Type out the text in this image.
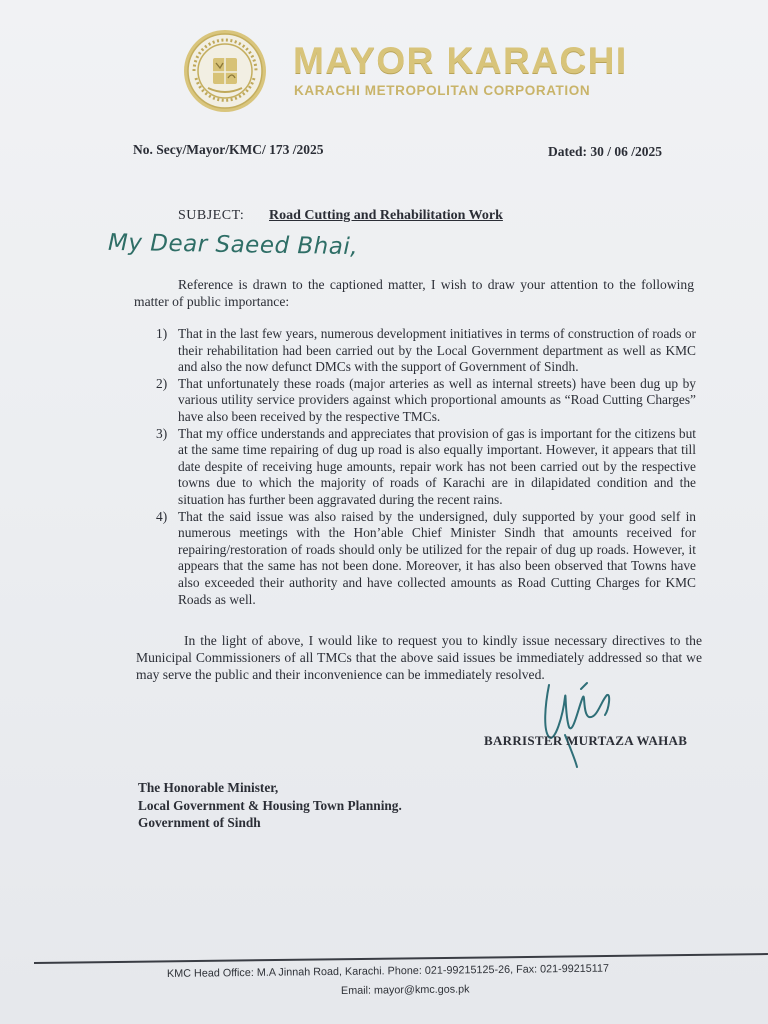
MAYOR KARACHI
KARACHI METROPOLITAN CORPORATION
No. Secy/Mayor/KMC/ 173 /2025	Dated: 30 / 06 /2025
SUBJECT: Road Cutting and Rehabilitation Work
My Dear Saeed Bhai,

Reference is drawn to the captioned matter, I wish to draw your attention to the following matter of public importance:

1) That in the last few years, numerous development initiatives in terms of construction of roads or their rehabilitation had been carried out by the Local Government department as well as KMC and also the now defunct DMCs with the support of Government of Sindh.
2) That unfortunately these roads (major arteries as well as internal streets) have been dug up by various utility service providers against which proportional amounts as “Road Cutting Charges” have also been received by the respective TMCs.
3) That my office understands and appreciates that provision of gas is important for the citizens but at the same time repairing of dug up road is also equally important. However, it appears that till date despite of receiving huge amounts, repair work has not been carried out by the respective towns due to which the majority of roads of Karachi are in dilapidated condition and the situation has further been aggravated during the recent rains.
4) That the said issue was also raised by the undersigned, duly supported by your good self in numerous meetings with the Hon’able Chief Minister Sindh that amounts received for repairing/restoration of roads should only be utilized for the repair of dug up roads. However, it appears that the same has not been done. Moreover, it has also been observed that Towns have also exceeded their authority and have collected amounts as Road Cutting Charges for KMC Roads as well.

In the light of above, I would like to request you to kindly issue necessary directives to the Municipal Commissioners of all TMCs that the above said issues be immediately addressed so that we may serve the public and their inconvenience can be immediately resolved.

BARRISTER MURTAZA WAHAB
The Honorable Minister,
Local Government & Housing Town Planning.
Government of Sindh
KMC Head Office: M.A Jinnah Road, Karachi. Phone: 021-99215125-26, Fax: 021-99215117
Email: mayor@kmc.gos.pk
